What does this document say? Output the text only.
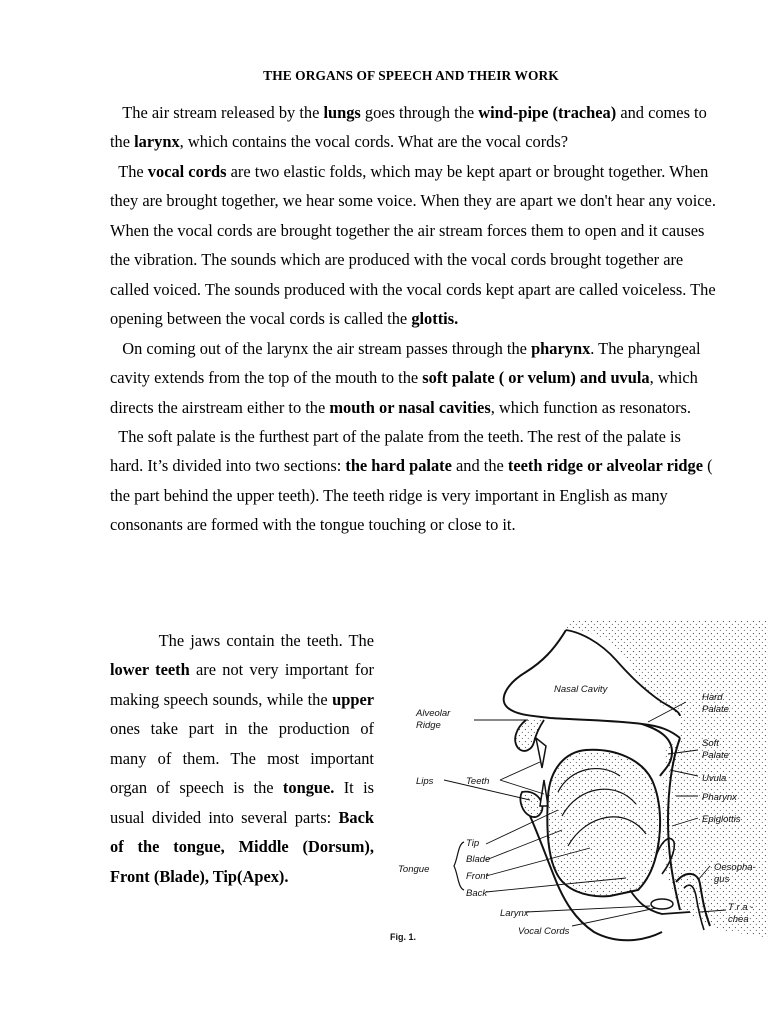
THE ORGANS OF SPEECH AND THEIR WORK

The air stream released by the lungs goes through the wind-pipe (trachea) and comes to the larynx, which contains the vocal cords. What are the vocal cords?

The vocal cords are two elastic folds, which may be kept apart or brought together. When they are brought together, we hear some voice. When they are apart we don't hear any voice. When the vocal cords are brought together the air stream forces them to open and it causes the vibration. The sounds which are produced with the vocal cords brought together are called voiced. The sounds produced with the vocal cords kept apart are called voiceless. The opening between the vocal cords is called the glottis.

On coming out of the larynx the air stream passes through the pharynx. The pharyngeal cavity extends from the top of the mouth to the soft palate ( or velum) and uvula, which directs the airstream either to the mouth or nasal cavities, which function as resonators.

The soft palate is the furthest part of the palate from the teeth. The rest of the palate is hard. It’s divided into two sections: the hard palate and the teeth ridge or alveolar ridge ( the part behind the upper teeth). The teeth ridge is very important in English as many consonants are formed with the tongue touching or close to it.

The jaws contain the teeth. The lower teeth are not very important for making speech sounds, while the upper ones take part in the production of many of them. The most important organ of speech is the tongue. It is usual divided into several parts: Back of the tongue, Middle (Dorsum), Front (Blade), Tip(Apex).

Nasal Cavity
Hard
Palate
Alveolar
Ridge
Soft
Palate
Uvula
Lips	Teeth
Pharynx
Epiglottis
Tip
Blade
Tongue
Front
Back
Oesopha-
gus
Larynx
T r a -
chea
Vocal Cords
Fig. 1.
